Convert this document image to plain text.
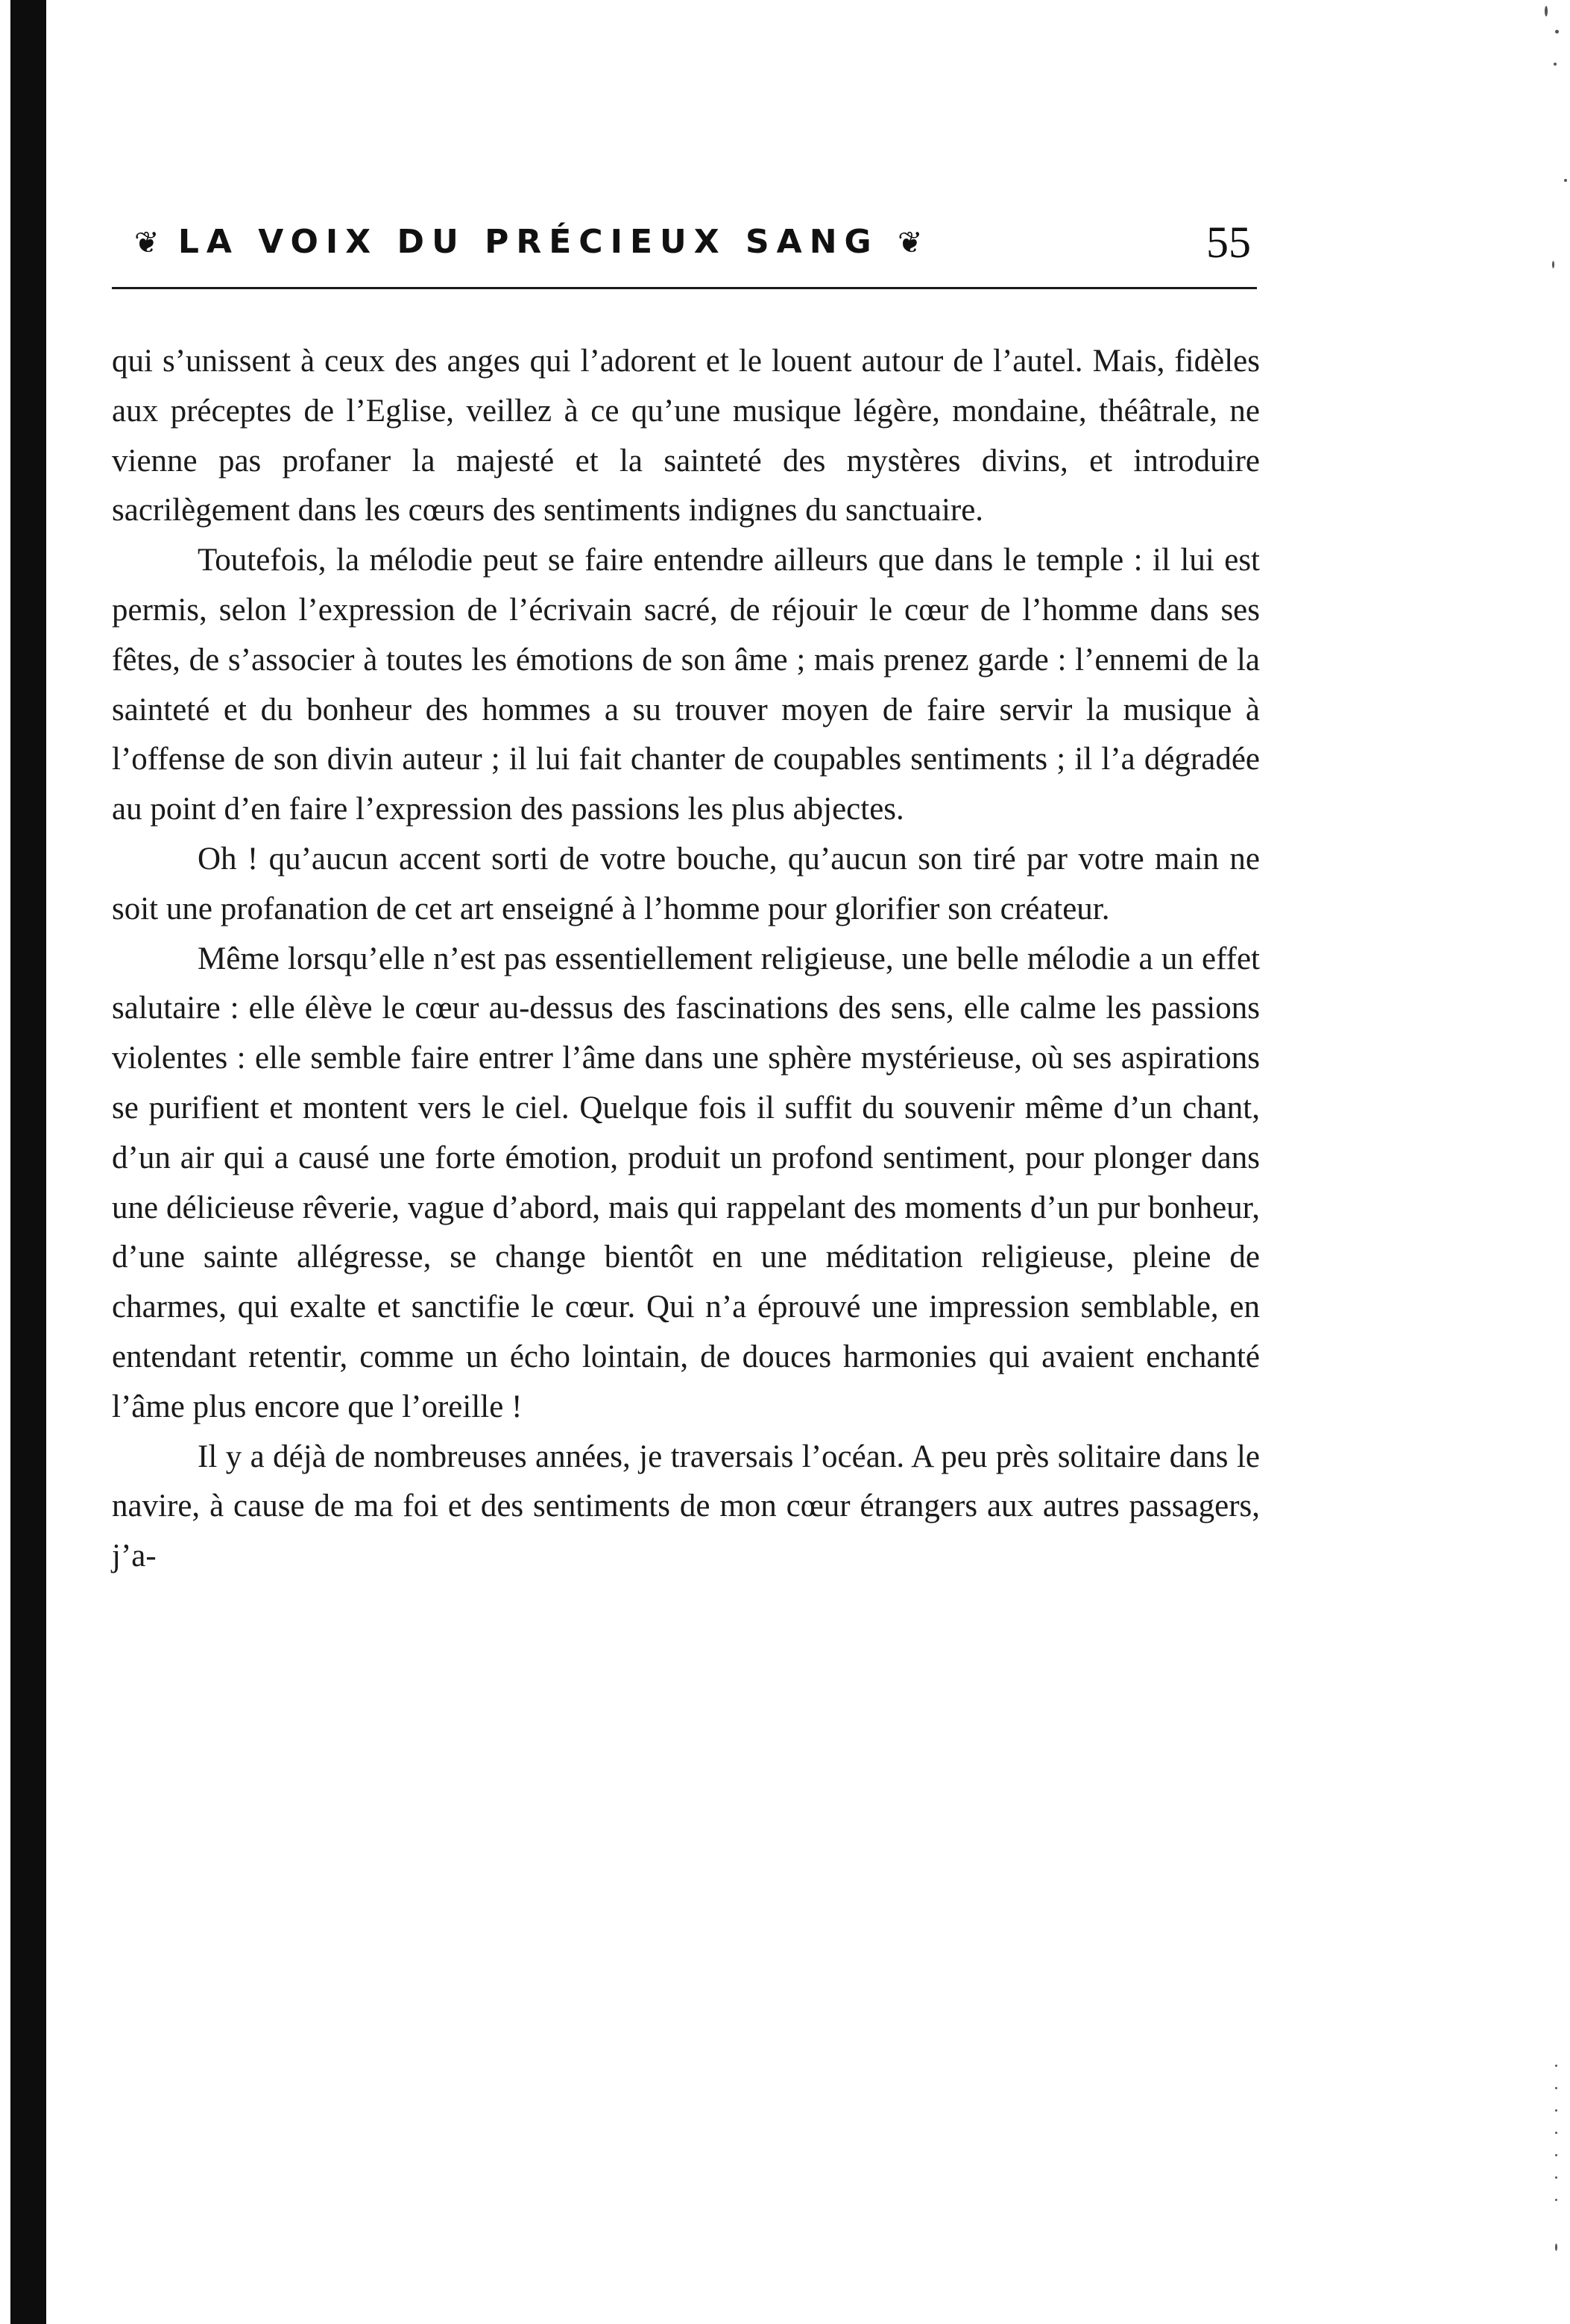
❦ LA VOIX DU PRÉCIEUX SANG ❦	55

qui s’unissent à ceux des anges qui l’adorent et le louent autour de l’autel. Mais, fidèles aux préceptes de l’Eglise, veillez à ce qu’une musique légère, mondaine, théâtrale, ne vienne pas profaner la majesté et la sainteté des mystères divins, et introduire sacrilègement dans les cœurs des sentiments indignes du sanctuaire.

Toutefois, la mélodie peut se faire entendre ailleurs que dans le temple : il lui est permis, selon l’expression de l’écrivain sacré, de réjouir le cœur de l’homme dans ses fêtes, de s’associer à toutes les émotions de son âme ; mais prenez garde : l’ennemi de la sainteté et du bonheur des hommes a su trouver moyen de faire servir la musique à l’offense de son divin auteur ; il lui fait chanter de coupables sentiments ; il l’a dégradée au point d’en faire l’expression des passions les plus abjectes.

Oh ! qu’aucun accent sorti de votre bouche, qu’aucun son tiré par votre main ne soit une profanation de cet art enseigné à l’homme pour glorifier son créateur.

Même lorsqu’elle n’est pas essentiellement religieuse, une belle mélodie a un effet salutaire : elle élève le cœur au-dessus des fascinations des sens, elle calme les passions violentes : elle semble faire entrer l’âme dans une sphère mystérieuse, où ses aspirations se purifient et montent vers le ciel. Quelque fois il suffit du souvenir même d’un chant, d’un air qui a causé une forte émotion, produit un profond sentiment, pour plonger dans une délicieuse rêverie, vague d’abord, mais qui rappelant des moments d’un pur bonheur, d’une sainte allégresse, se change bientôt en une méditation religieuse, pleine de charmes, qui exalte et sanctifie le cœur. Qui n’a éprouvé une impression semblable, en entendant retentir, comme un écho lointain, de douces harmonies qui avaient enchanté l’âme plus encore que l’oreille !

Il y a déjà de nombreuses années, je traversais l’océan. A peu près solitaire dans le navire, à cause de ma foi et des sentiments de mon cœur étrangers aux autres passagers, j’a-
